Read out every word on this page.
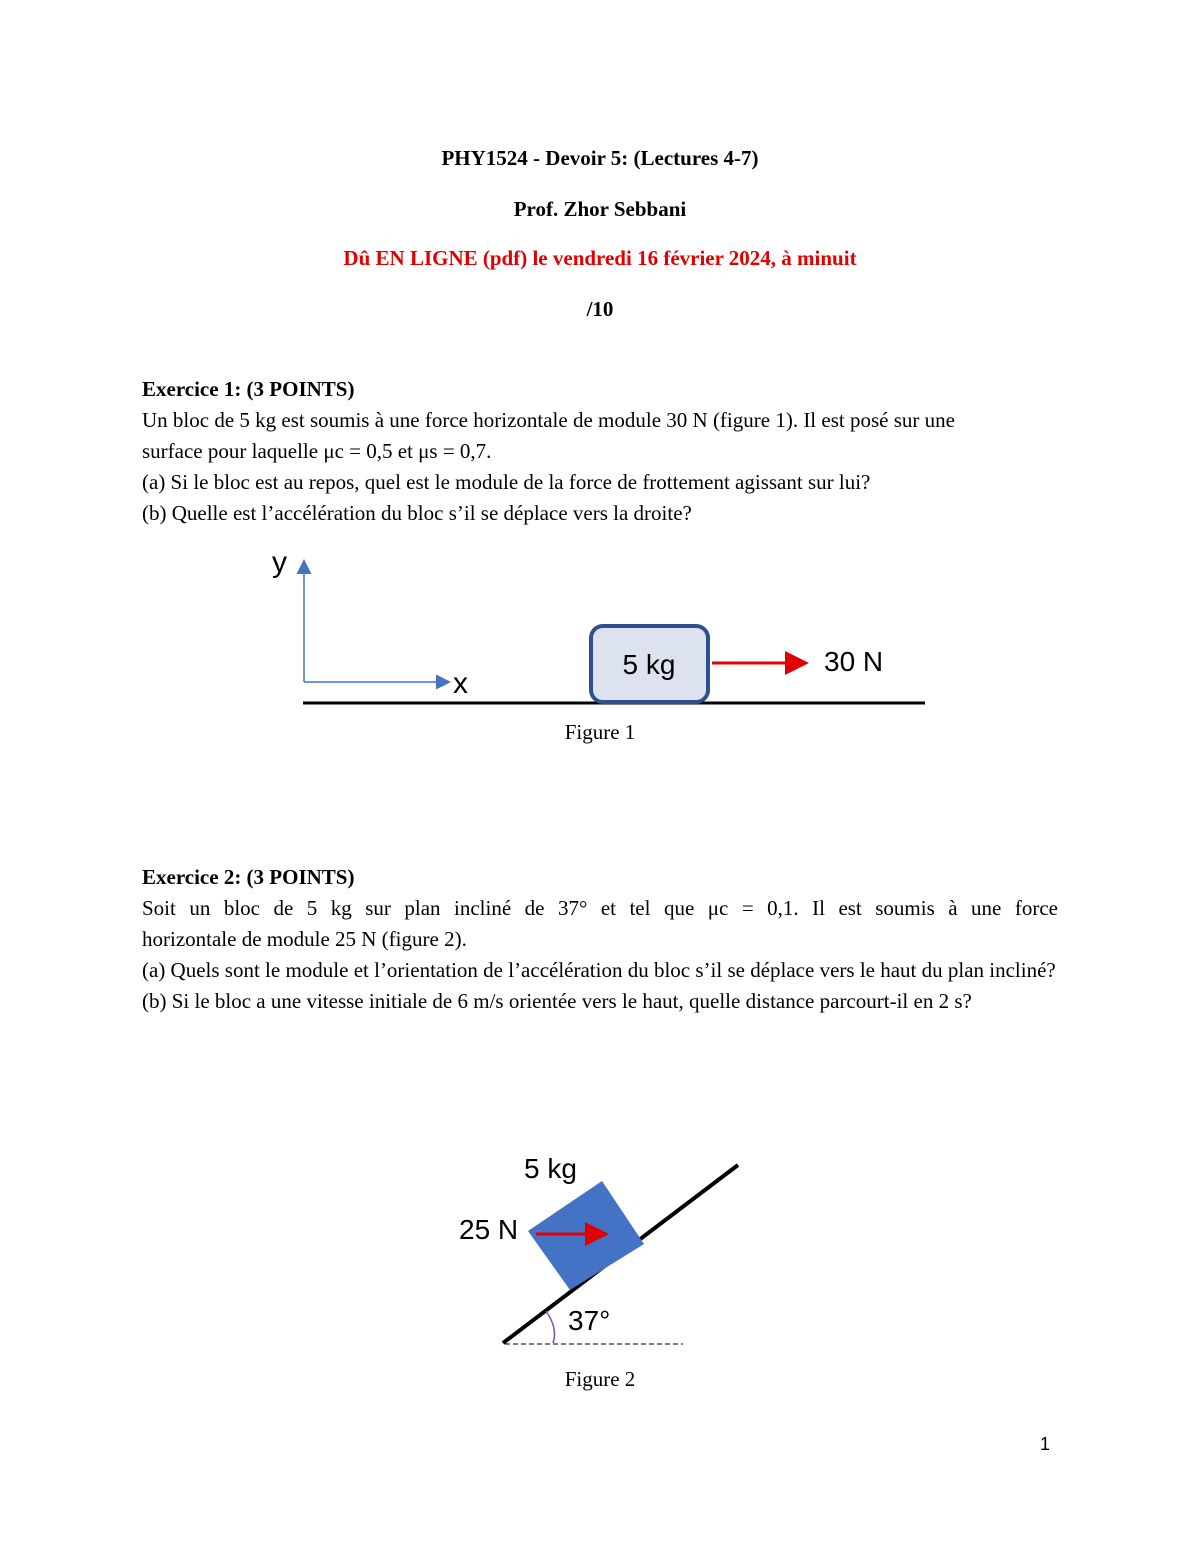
PHY1524 - Devoir 5: (Lectures 4-7)
Prof. Zhor Sebbani
Dû EN LIGNE (pdf) le vendredi 16 février 2024, à minuit
/10
Exercice 1: (3 POINTS)
Un bloc de 5 kg est soumis à une force horizontale de module 30 N (figure 1). Il est posé sur une
surface pour laquelle μc = 0,5 et μs = 0,7.
(a) Si le bloc est au repos, quel est le module de la force de frottement agissant sur lui?
(b) Quelle est l’accélération du bloc s’il se déplace vers la droite?
y
x
5 kg	30 N
Figure 1
Exercice 2: (3 POINTS)
Soit un bloc de 5 kg sur plan incliné de 37° et tel que μc = 0,1. Il est soumis à une force
horizontale de module 25 N (figure 2).
(a) Quels sont le module et l’orientation de l’accélération du bloc s’il se déplace vers le haut du plan incliné?
(b) Si le bloc a une vitesse initiale de 6 m/s orientée vers le haut, quelle distance parcourt-il en 2 s?
5 kg
25 N
37°
Figure 2
1
